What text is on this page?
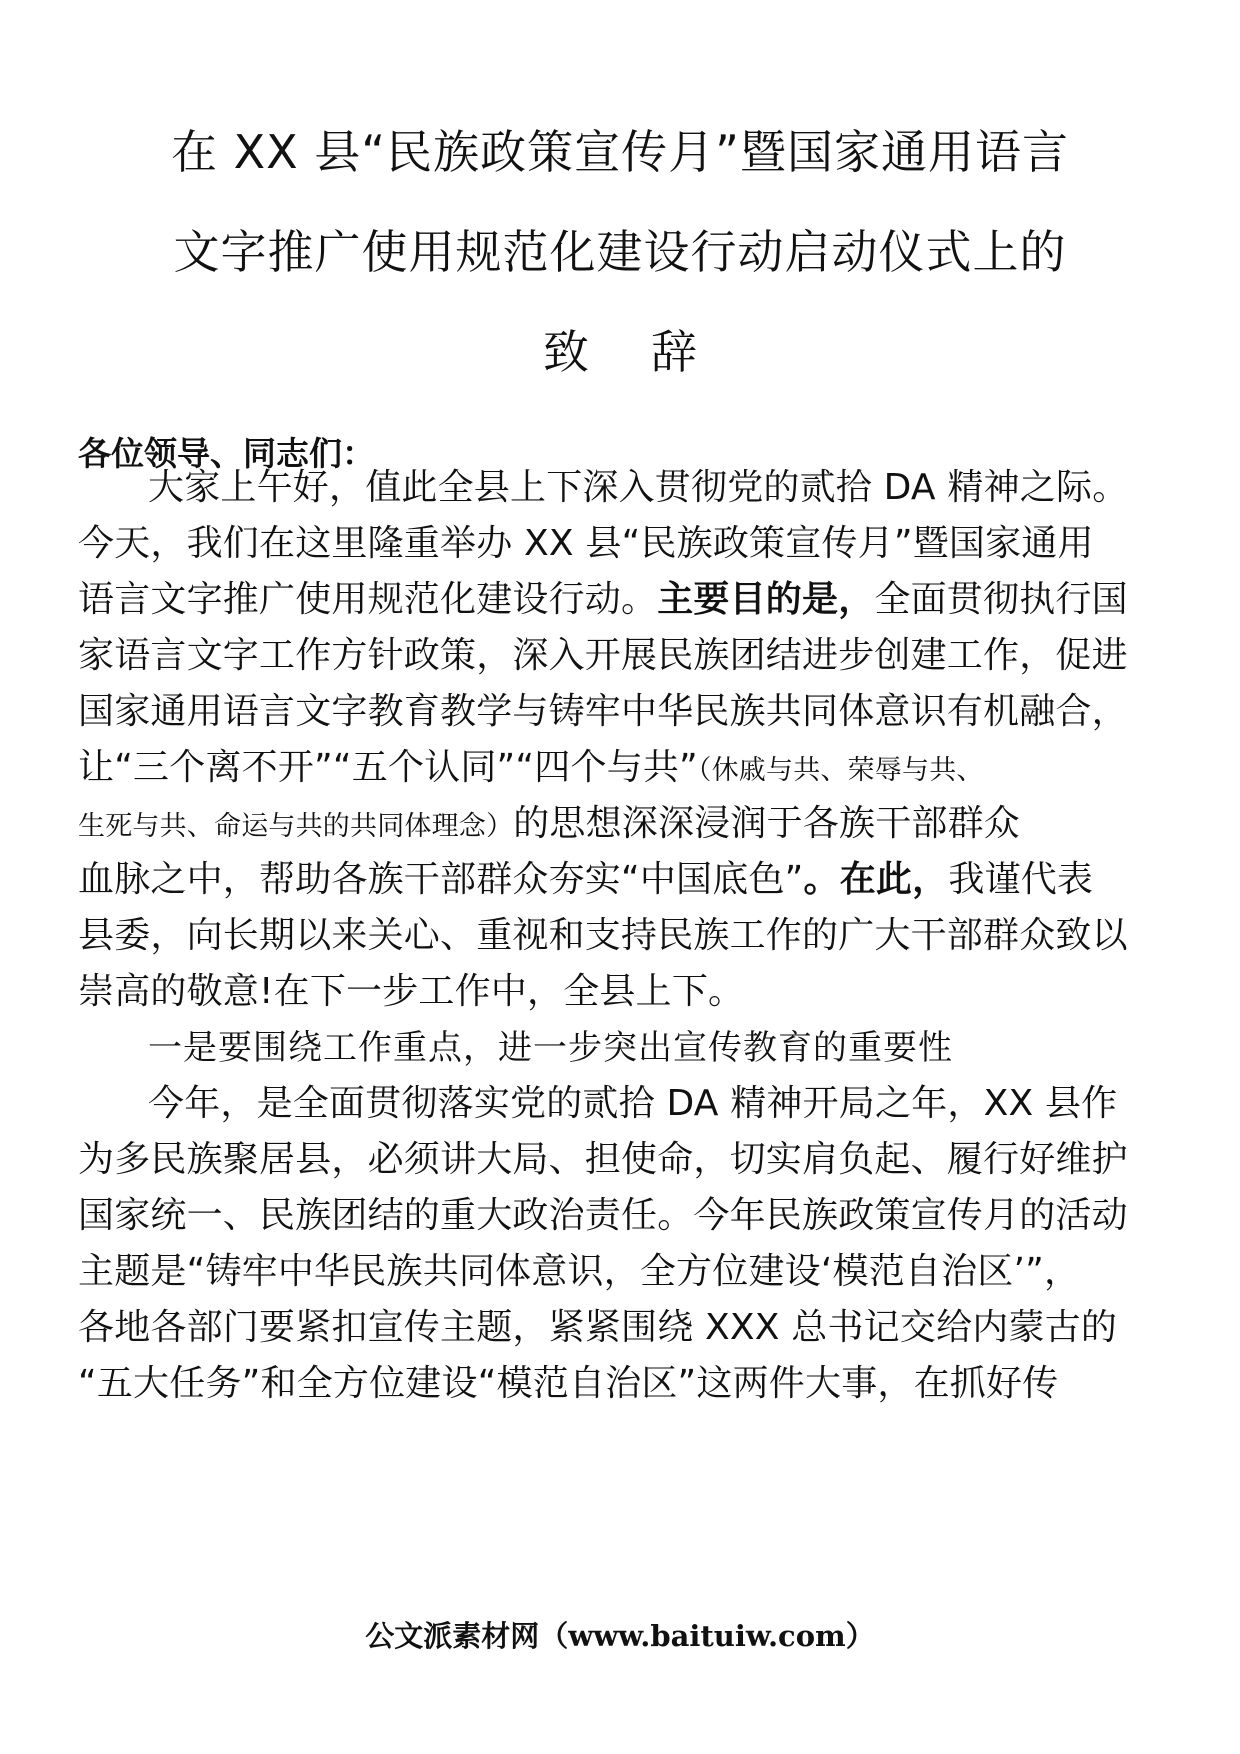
在 XX 县“民族政策宣传月”暨国家通用语言
文字推广使用规范化建设行动启动仪式上的
致 辞
各位领导、同志们：
大家上午好，值此全县上下深入贯彻党的贰拾 DA 精神之际。
今天，我们在这里隆重举办 XX 县“民族政策宣传月”暨国家通用
语言文字推广使用规范化建设行动。主要目的是，全面贯彻执行国
家语言文字工作方针政策，深入开展民族团结进步创建工作，促进
国家通用语言文字教育教学与铸牢中华民族共同体意识有机融合，
让“三个离不开”“五个认同”“四个与共”（休戚与共、荣辱与共、
生死与共、命运与共的共同体理念）的思想深深浸润于各族干部群众
血脉之中，帮助各族干部群众夯实“中国底色”。在此，我谨代表
县委，向长期以来关心、重视和支持民族工作的广大干部群众致以
崇高的敬意!在下一步工作中，全县上下。
一是要围绕工作重点，进一步突出宣传教育的重要性
今年，是全面贯彻落实党的贰拾 DA 精神开局之年，XX 县作
为多民族聚居县，必须讲大局、担使命，切实肩负起、履行好维护
国家统一、民族团结的重大政治责任。今年民族政策宣传月的活动
主题是“铸牢中华民族共同体意识，全方位建设‘模范自治区’”，
各地各部门要紧扣宣传主题，紧紧围绕 XXX 总书记交给内蒙古的
“五大任务”和全方位建设“模范自治区”这两件大事，在抓好传
公文派素材网（www.baituiw.com）
